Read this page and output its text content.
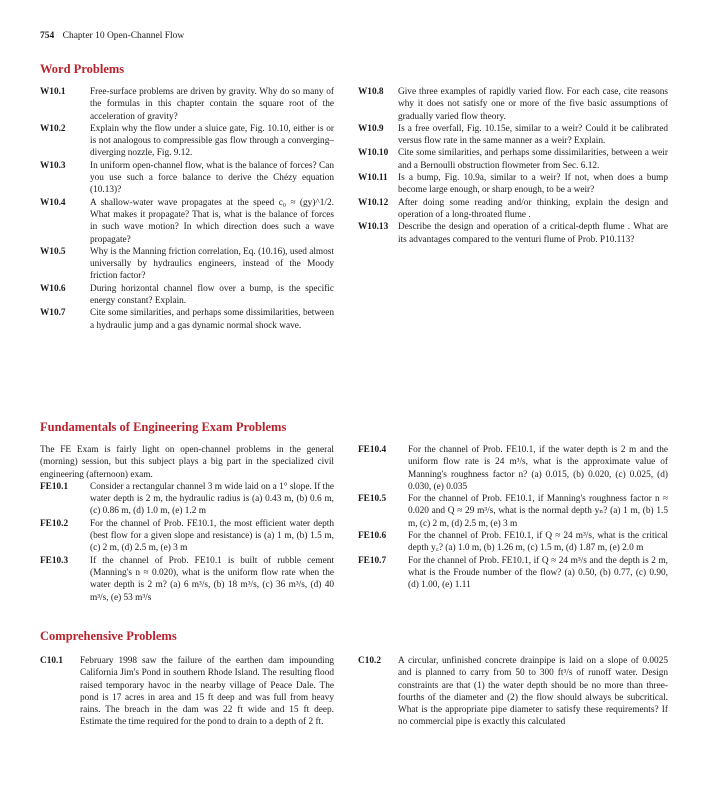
754 Chapter 10 Open-Channel Flow
Word Problems
W10.1	Free-surface problems are driven by gravity. Why do so many of the formulas in this chapter contain the square root of the acceleration of gravity?
W10.2	Explain why the flow under a sluice gate, Fig. 10.10, either is or is not analogous to compressible gas flow through a converging–diverging nozzle, Fig. 9.12.
W10.3	In uniform open-channel flow, what is the balance of forces? Can you use such a force balance to derive the Chézy equation (10.13)?
W10.4	A shallow-water wave propagates at the speed c₀ ≈ (gy)^1/2. What makes it propagate? That is, what is the balance of forces in such wave motion? In which direction does such a wave propagate?
W10.5	Why is the Manning friction correlation, Eq. (10.16), used almost universally by hydraulics engineers, instead of the Moody friction factor?
W10.6	During horizontal channel flow over a bump, is the specific energy constant? Explain.
W10.7	Cite some similarities, and perhaps some dissimilarities, between a hydraulic jump and a gas dynamic normal shock wave.
W10.8	Give three examples of rapidly varied flow. For each case, cite reasons why it does not satisfy one or more of the five basic assumptions of gradually varied flow theory.
W10.9	Is a free overfall, Fig. 10.15e, similar to a weir? Could it be calibrated versus flow rate in the same manner as a weir? Explain.
W10.10	Cite some similarities, and perhaps some dissimilarities, between a weir and a Bernoulli obstruction flowmeter from Sec. 6.12.
W10.11	Is a bump, Fig. 10.9a, similar to a weir? If not, when does a bump become large enough, or sharp enough, to be a weir?
W10.12	After doing some reading and/or thinking, explain the design and operation of a long-throated flume .
W10.13	Describe the design and operation of a critical-depth flume . What are its advantages compared to the venturi flume of Prob. P10.113?
Fundamentals of Engineering Exam Problems
The FE Exam is fairly light on open-channel problems in the general (morning) session, but this subject plays a big part in the specialized civil engineering (afternoon) exam.
FE10.1	Consider a rectangular channel 3 m wide laid on a 1° slope. If the water depth is 2 m, the hydraulic radius is (a) 0.43 m, (b) 0.6 m, (c) 0.86 m, (d) 1.0 m, (e) 1.2 m
FE10.2	For the channel of Prob. FE10.1, the most efficient water depth (best flow for a given slope and resistance) is (a) 1 m, (b) 1.5 m, (c) 2 m, (d) 2.5 m, (e) 3 m
FE10.3	If the channel of Prob. FE10.1 is built of rubble cement (Manning's n ≈ 0.020), what is the uniform flow rate when the water depth is 2 m? (a) 6 m³/s, (b) 18 m³/s, (c) 36 m³/s, (d) 40 m³/s, (e) 53 m³/s
FE10.4	For the channel of Prob. FE10.1, if the water depth is 2 m and the uniform flow rate is 24 m³/s, what is the approximate value of Manning's roughness factor n? (a) 0.015, (b) 0.020, (c) 0.025, (d) 0.030, (e) 0.035
FE10.5	For the channel of Prob. FE10.1, if Manning's roughness factor n ≈ 0.020 and Q ≈ 29 m³/s, what is the normal depth yₙ? (a) 1 m, (b) 1.5 m, (c) 2 m, (d) 2.5 m, (e) 3 m
FE10.6	For the channel of Prob. FE10.1, if Q ≈ 24 m³/s, what is the critical depth y꜀? (a) 1.0 m, (b) 1.26 m, (c) 1.5 m, (d) 1.87 m, (e) 2.0 m
FE10.7	For the channel of Prob. FE10.1, if Q ≈ 24 m³/s and the depth is 2 m, what is the Froude number of the flow? (a) 0.50, (b) 0.77, (c) 0.90, (d) 1.00, (e) 1.11
Comprehensive Problems
C10.1	February 1998 saw the failure of the earthen dam impounding California Jim's Pond in southern Rhode Island. The resulting flood raised temporary havoc in the nearby village of Peace Dale. The pond is 17 acres in area and 15 ft deep and was full from heavy rains. The breach in the dam was 22 ft wide and 15 ft deep. Estimate the time required for the pond to drain to a depth of 2 ft.
C10.2	A circular, unfinished concrete drainpipe is laid on a slope of 0.0025 and is planned to carry from 50 to 300 ft³/s of runoff water. Design constraints are that (1) the water depth should be no more than three-fourths of the diameter and (2) the flow should always be subcritical. What is the appropriate pipe diameter to satisfy these requirements? If no commercial pipe is exactly this calculated
